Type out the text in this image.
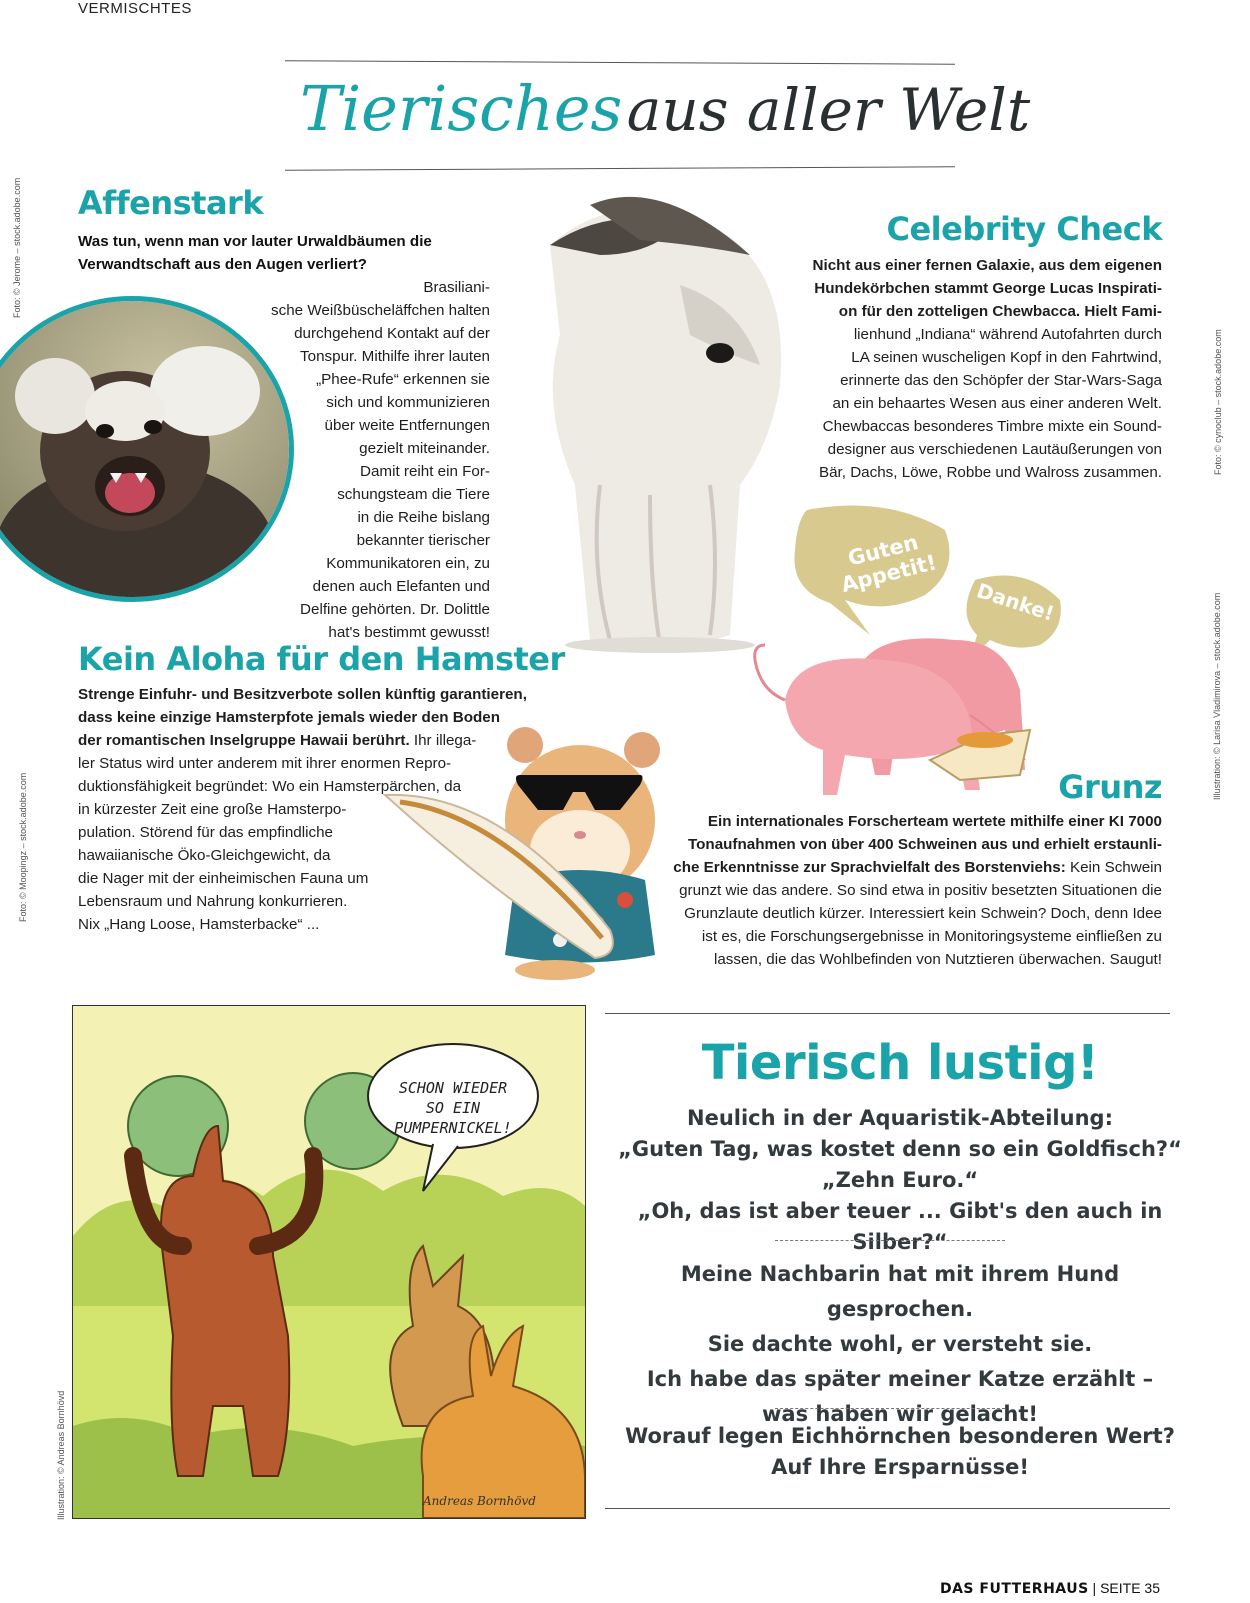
VERMISCHTES
Tierisches aus aller Welt
Foto: © Jerome – stock.adobe.com Affenstark
Was tun, wenn man vor lauter Urwaldbäumen die Verwandtschaft aus den Augen verliert?
Brasiliani-
sche Weißbüscheläffchen halten
durchgehend Kontakt auf der
Tonspur. Mithilfe ihrer lauten
„Phee-Rufe“ erkennen sie
sich und kommunizieren
über weite Entfernungen
gezielt miteinander.
Damit reiht ein For-
schungsteam die Tiere
in die Reihe bislang
bekannter tierischer
Kommunikatoren ein, zu
denen auch Elefanten und
Delfine gehörten. Dr. Dolittle
hat's bestimmt gewusst!
Celebrity Check
Nicht aus einer fernen Galaxie, aus dem eigenen
Hundekörbchen stammt George Lucas Inspirati-
on für den zotteligen Chewbacca. Hielt Fami-
lienhund „Indiana“ während Autofahrten durch
LA seinen wuscheligen Kopf in den Fahrtwind,
erinnerte das den Schöpfer der Star-Wars-Saga
an ein behaartes Wesen aus einer anderen Welt.
Chewbaccas besonderes Timbre mixte ein Sound-
designer aus verschiedenen Lautäußerungen von
Bär, Dachs, Löwe, Robbe und Walross zusammen.	Foto: © cynoclub – stock.adobe.com
Kein Aloha für den Hamster
Strenge Einfuhr- und Besitzverbote sollen künftig garantieren,
dass keine einzige Hamsterpfote jemals wieder den Boden
der romantischen Inselgruppe Hawaii berührt. Ihr illega-
ler Status wird unter anderem mit ihrer enormen Repro-
duktionsfähigkeit begründet: Wo ein Hamsterpärchen, da
in kürzester Zeit eine große Hamsterpo-
pulation. Störend für das empfindliche
hawaiianische Öko-Gleichgewicht, da
die Nager mit der einheimischen Fauna um
Lebensraum und Nahrung konkurrieren.
Nix „Hang Loose, Hamsterbacke“ ...
Foto: © Moopingz – stock.adobe.com
Guten Appetit!
Danke!	Illustration: © Larisa Vladimirova – stock.adobe.com
Grunz
Ein internationales Forscherteam wertete mithilfe einer KI 7000
Tonaufnahmen von über 400 Schweinen aus und erhielt erstaunli-
che Erkenntnisse zur Sprachvielfalt des Borstenviehs: Kein Schwein
grunzt wie das andere. So sind etwa in positiv besetzten Situationen die
Grunzlaute deutlich kürzer. Interessiert kein Schwein? Doch, denn Idee
ist es, die Forschungsergebnisse in Monitoringsysteme einfließen zu
lassen, die das Wohlbefinden von Nutztieren überwachen. Saugut!
Illustration: © Andreas Bornhövd
SCHON WIEDER
SO EIN
PUMPERNICKEL!
Andreas Bornhövd
Tierisch lustig!
Neulich in der Aquaristik-Abteilung:
„Guten Tag, was kostet denn so ein Goldfisch?“
„Zehn Euro.“
„Oh, das ist aber teuer ... Gibt's den auch in Silber?“
Meine Nachbarin hat mit ihrem Hund gesprochen.
Sie dachte wohl, er versteht sie.
Ich habe das später meiner Katze erzählt –
was haben wir gelacht!
Worauf legen Eichhörnchen besonderen Wert?
Auf Ihre Ersparnüsse!
DAS FUTTERHAUS | SEITE 35
